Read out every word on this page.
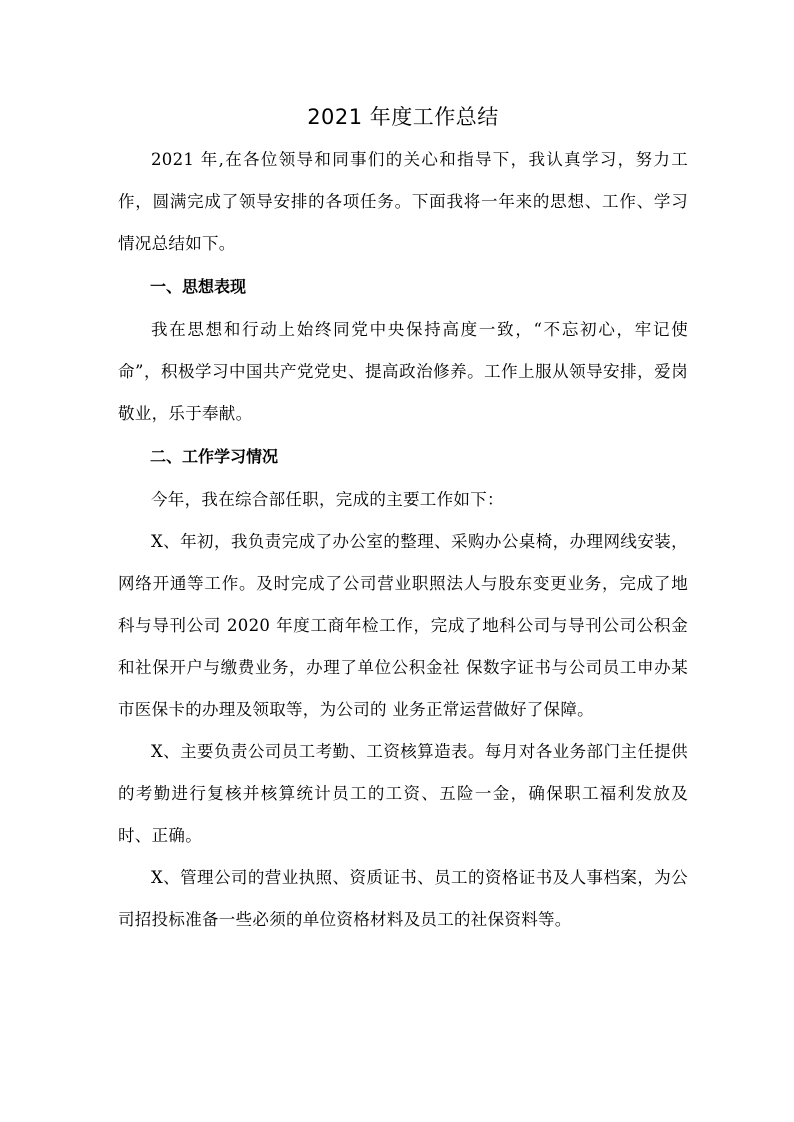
2021 年度工作总结

2021 年,在各位领导和同事们的关心和指导下，我认真学习，努力工作，圆满完成了领导安排的各项任务。下面我将一年来的思想、工作、学习情况总结如下。

一、思想表现

我在思想和行动上始终同党中央保持高度一致，“不忘初心，牢记使命”，积极学习中国共产党党史、提高政治修养。工作上服从领导安排，爱岗敬业，乐于奉献。

二、工作学习情况

今年，我在综合部任职，完成的主要工作如下：

X、年初，我负责完成了办公室的整理、采购办公桌椅，办理网线安装，网络开通等工作。及时完成了公司营业职照法人与股东变更业务，完成了地科与导刊公司 2020 年度工商年检工作，完成了地科公司与导刊公司公积金和社保开户与缴费业务，办理了单位公积金社 保数字证书与公司员工申办某市医保卡的办理及领取等，为公司的 业务正常运营做好了保障。

X、主要负责公司员工考勤、工资核算造表。每月对各业务部门主任提供的考勤进行复核并核算统计员工的工资、五险一金，确保职工福利发放及时、正确。

X、管理公司的营业执照、资质证书、员工的资格证书及人事档案，为公司招投标准备一些必须的单位资格材料及员工的社保资料等。
